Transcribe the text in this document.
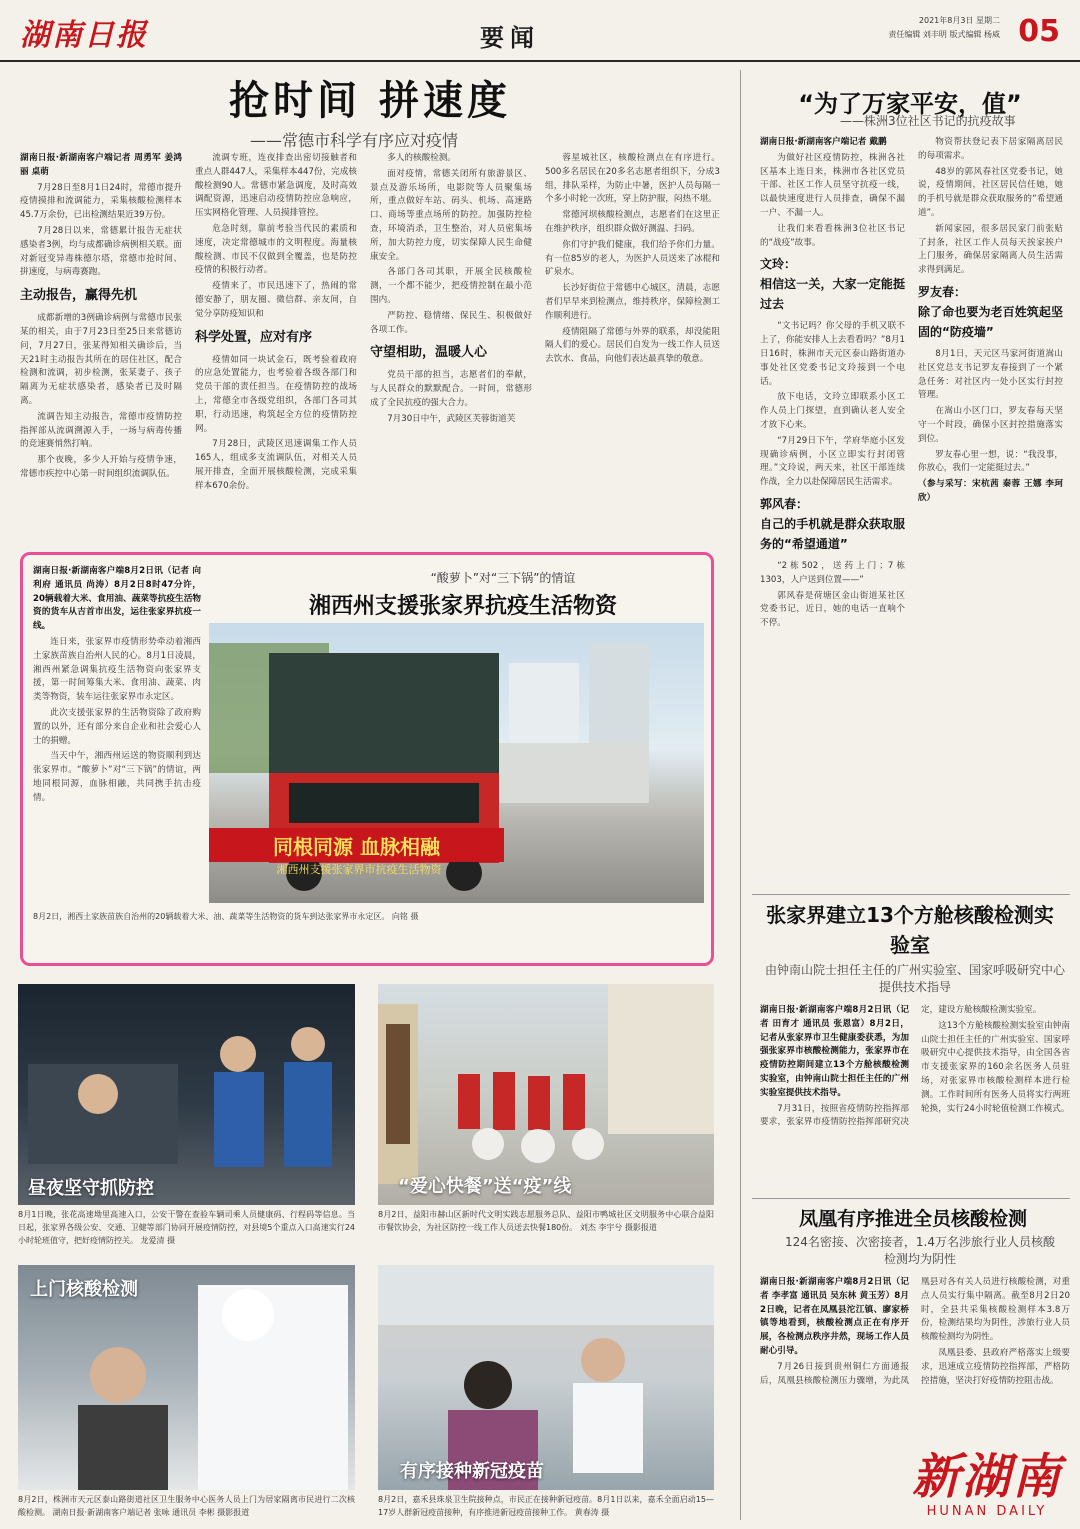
湖南日报	要闻
2021年8月3日 星期二
责任编辑 刘丰明 版式编辑 杨威 05
抢时间 拼速度
——常德市科学有序应对疫情

湖南日报·新湖南客户端记者 周勇军 姜鸿丽 桌萌

7月28日至8月1日24时，常德市提升疫情摸排和流调能力，采集核酸检测样本45.7万余份，已出检测结果近39万份。

7月28日以来，常德累计报告无症状感染者3例，均与成都确诊病例相关联。面对新冠变异毒株德尔塔，常德市抢时间、拼速度，与病毒赛跑。

主动报告，赢得先机

成都新增的3例确诊病例与常德市民张某的相关，由于7月23日至25日来常德访问，7月27日，张某得知相关确诊后，当天21时主动报告其所在的居住社区，配合检测和流调，初步检测，张某妻子、孩子隔离为无症状感染者，感染者已及时隔离。

流调告知主动报告，常德市疫情防控指挥部从流调溯源入手，一场与病毒传播的竞速赛悄然打响。

那个夜晚，多少人开始与疫情争速，常德市疾控中心第一时间组织流调队伍。

流调专班，连夜排查出密切接触者和重点人群447人，采集样本447份，完成核酸检测90人。常德市紧急调度，及时高效调配资源，迅速启动疫情防控应急响应，压实网格化管理、人员摸排管控。

危急时刻，靠前考验当代民的素质和速度，决定常德城市的文明程度。海量核酸检测、市民不仅做到全覆盖，也是防控疫情的积极行动者。

疫情来了，市民迅速下了，热闹的常德安静了，朋友圈、微信群、亲友间，自觉分享防疫知识和

科学处置，应对有序

疫情如同一块试金石，既考验着政府的应急处置能力，也考验着各级各部门和党员干部的责任担当。在疫情防控的战场上，常德全市各级党组织，各部门各司其职，行动迅速，构筑起全方位的疫情防控网。

7月28日，武陵区迅速调集工作人员165人，组成多支流调队伍，对相关人员展开排查，全面开展核酸检测，完成采集样本670余份。

多人的核酸检测。

面对疫情，常德关闭所有旅游景区、景点及游乐场所，电影院等人员聚集场所，重点做好车站、码头、机场、高速路口、商场等重点场所的防控。加强防控检查，环境消杀，卫生整治，对人员密集场所，加大防控力度，切实保障人民生命健康安全。

各部门各司其职，开展全民核酸检测，一个都不能少，把疫情控制在最小范围内。

严防控、稳情绪、保民生、积极做好各项工作。

守望相助，温暖人心

党员干部的担当，志愿者们的奉献，与人民群众的默默配合。一时间，常德形成了全民抗疫的强大合力。

7月30日中午，武陵区芙蓉街道芙

蓉星城社区，核酸检测点在有序进行。500多名居民在20多名志愿者组织下，分成3组，排队采样，为防止中暑，医护人员每隔一个多小时轮一次班，穿上防护服，闷热不堪。

常德河坝核酸检测点，志愿者们在这里正在维护秩序，组织群众做好测温、扫码。

你们守护我们健康，我们给予你们力量。有一位85岁的老人，为医护人员送来了冰棍和矿泉水。

长沙好街位于常德中心城区，清晨，志愿者们早早来到检测点，维持秩序，保障检测工作顺利进行。

疫情阻隔了常德与外界的联系，却没能阻隔人们的爱心。居民们自发为一线工作人员送去饮水、食品，向他们表达最真挚的敬意。

湖南日报·新湖南客户端8月2日讯（记者 向利府 通讯员 尚涛）8月2日8时47分许，20辆载着大米、食用油、蔬菜等抗疫生活物资的货车从吉首市出发，运往张家界抗疫一线。

连日来，张家界市疫情形势牵动着湘西土家族苗族自治州人民的心。8月1日凌晨，湘西州紧急调集抗疫生活物资向张家界支援，第一时间筹集大米、食用油、蔬菜、肉类等物资，装车运往张家界市永定区。

此次支援张家界的生活物资除了政府购置的以外，还有部分来自企业和社会爱心人士的捐赠。

当天中午，湘西州运送的物资顺利到达张家界市。“酸萝卜”对“三下锅”的情谊，两地同根同源，血脉相融，共同携手抗击疫情。

“酸萝卜”对“三下锅”的情谊
湘西州支援张家界抗疫生活物资
同根同源 血脉相融
湘西州支援张家界市抗疫生活物资
8月2日，湘西土家族苗族自治州的20辆载着大米、油、蔬菜等生活物资的货车到达张家界市永定区。 向铭 摄
昼夜坚守抓防控
8月1日晚，张花高速坳里高速入口，公安干警在查验车辆司乘人员健康码、行程码等信息。当日起，张家界各级公安、交通、卫健等部门协同开展疫情防控，对县境5个重点入口高速实行24小时轮班值守，把好疫情防控关。 龙爱清 摄
“爱心快餐”送“疫”线
8月2日，益阳市赫山区新时代文明实践志愿服务总队、益阳市鸭城社区文明服务中心联合益阳市餐饮协会，为社区防控一线工作人员送去快餐180份。 刘杰 李宇兮 摄影报道
上门核酸检测
8月2日，株洲市天元区泰山路街道社区卫生服务中心医务人员上门为居家隔离市民进行二次核酸检测。 湖南日报·新湖南客户端记者 张咏 通讯员 李彬 摄影报道
有序接种新冠疫苗
8月2日，嘉禾县珠泉卫生院接种点，市民正在接种新冠疫苗。8月1日以来，嘉禾全面启动15—17岁人群新冠疫苗接种，有序推进新冠疫苗接种工作。 黄春涛 摄
“为了万家平安，值”
——株洲3位社区书记的抗疫故事

湖南日报·新湖南客户端记者 戴鹏

为做好社区疫情防控，株洲各社区基本上连日来，株洲市各社区党员干部、社区工作人员坚守抗疫一线，以最快速度进行人员排查，确保不漏一户、不漏一人。

让我们来看看株洲3位社区书记的“战疫”故事。

文玲：
相信这一关，大家一定能挺过去

“文书记吗？你父母的手机又联不上了，你能安排人上去看看吗？”8月1日16时，株洲市天元区泰山路街道办事处社区党委书记文玲接到一个电话。

放下电话，文玲立即联系小区工作人员上门探望，直到确认老人安全才放下心来。

“7月29日下午，学府华庭小区发现确诊病例，小区立即实行封闭管理。”文玲说，两天来，社区干部连续作战，全力以赴保障居民生活需求。

郭风春：
自己的手机就是群众获取服务的“希望通道”

“2栋502，送药上门；7栋1303，人户送到位置——”

郭风春是荷塘区金山街道某社区党委书记，近日，她的电话一直响个不停。

物资帮扶登记表下居家隔离居民的每项需求。

48岁的郭风春社区党委书记，她说，疫情期间，社区居民信任她，她的手机号就是群众获取服务的“希望通道”。

新闻家园，很多居民家门前张贴了封条，社区工作人员每天挨家挨户上门服务，确保居家隔离人员生活需求得到满足。

罗友春：
除了命也要为老百姓筑起坚固的“防疫墙”

8月1日，天元区马家河街道嵩山社区党总支书记罗友春接到了一个紧急任务：对社区内一处小区实行封控管理。

在嵩山小区门口，罗友春每天坚守一个时段，确保小区封控措施落实到位。

罗友春心里一想，说：“我没事，你放心，我们一定能挺过去。”

（参与采写：宋杭茜 秦蓉 王娜 李珂欣）

张家界建立13个方舱核酸检测实验室
由钟南山院士担任主任的广州实验室、国家呼吸研究中心提供技术指导

湖南日报·新湖南客户端8月2日讯（记者 田育才 通讯员 张恩富）8月2日，记者从张家界市卫生健康委获悉，为加强张家界市核酸检测能力，张家界市在疫情防控期间建立13个方舱核酸检测实验室，由钟南山院士担任主任的广州实验室提供技术指导。

7月31日，按照省疫情防控指挥部要求，张家界市疫情防控指挥部研究决定，建设方舱核酸检测实验室。

这13个方舱核酸检测实验室由钟南山院士担任主任的广州实验室、国家呼吸研究中心提供技术指导，由全国各省市支援张家界的160余名医务人员驻场，对张家界市核酸检测样本进行检测。工作时间所有医务人员将实行两班轮换，实行24小时轮值检测工作模式。

凤凰有序推进全员核酸检测
124名密接、次密接者，1.4万名涉旅行业人员核酸检测均为阴性

湖南日报·新湖南客户端8月2日讯（记者 李孝富 通讯员 吴东林 黄玉芳）8月2日晚，记者在凤凰县沱江镇、廖家桥镇等地看到，核酸检测点正在有序开展，各检测点秩序井然，现场工作人员耐心引导。

7月26日接到贵州铜仁方面通报后，凤凰县核酸检测压力骤增，为此凤凰县对各有关人员进行核酸检测，对重点人员实行集中隔离。截至8月2日20时，全县共采集核酸检测样本3.8万份，检测结果均为阴性，涉旅行业人员核酸检测均为阴性。

凤凰县委、县政府严格落实上级要求，迅速成立疫情防控指挥部，严格防控措施，坚决打好疫情防控阻击战。

新湖南
HUNAN DAILY
